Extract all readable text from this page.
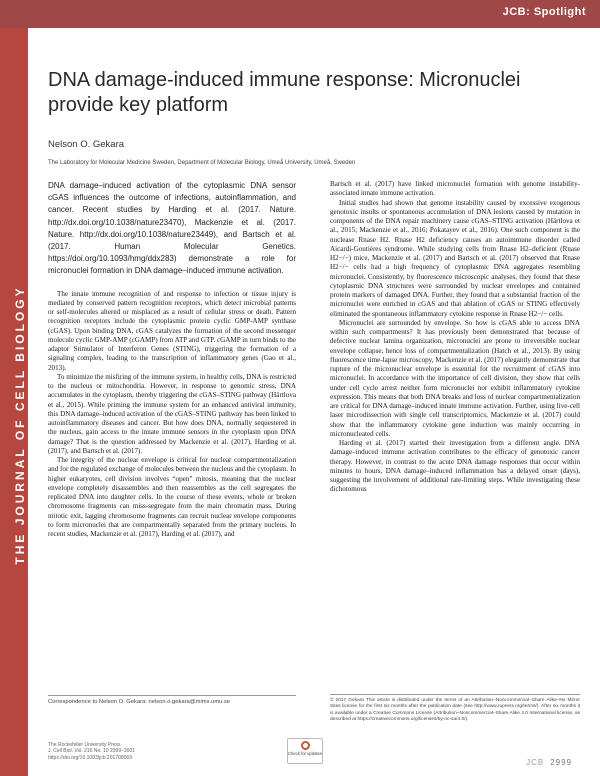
JCB: Spotlight
THE JOURNAL OF CELL BIOLOGY
DNA damage-induced immune response: Micronuclei provide key platform
Nelson O. Gekara
The Laboratory for Molecular Medicine Sweden, Department of Molecular Biology, Umeå University, Umeå, Sweden

DNA damage–induced activation of the cytoplasmic DNA sensor cGAS influences the outcome of infections, autoinflammation, and cancer. Recent studies by Harding et al. (2017. Nature. http://dx.doi.org/10.1038/nature23470), Mackenzie et al. (2017. Nature. http://dx.doi.org/10.1038/nature23449), and Bartsch et al. (2017. Human Molecular Genetics. https://doi.org/10.1093/hmg/ddx283) demonstrate a role for micronuclei formation in DNA damage–induced immune activation.

The innate immune recognition of and response to infection or tissue injury is mediated by conserved pattern recognition receptors, which detect microbial patterns or self-molecules altered or misplaced as a result of cellular stress or death. Pattern recognition receptors include the cytoplasmic protein cyclic GMP-AMP synthase (cGAS). Upon binding DNA, cGAS catalyzes the formation of the second messenger molecule cyclic GMP-AMP (cGAMP) from ATP and GTP. cGAMP in turn binds to the adaptor Stimulator of Interferon Genes (STING), triggering the formation of a signaling complex, leading to the transcription of inflammatory genes (Gao et al., 2013).

To minimize the misfiring of the immune system, in healthy cells, DNA is restricted to the nucleus or mitochondria. However, in response to genomic stress, DNA accumulates in the cytoplasm, thereby triggering the cGAS–STING pathway (Härtlova et al., 2015). While priming the immune system for an enhanced antiviral immunity, this DNA damage–induced activation of the cGAS–STING pathway has been linked to autoinflammatory diseases and cancer. But how does DNA, normally sequestered in the nucleus, gain access to the innate immune sensors in the cytoplasm upon DNA damage? That is the question addressed by Mackenzie et al. (2017), Harding et al. (2017), and Bartsch et al. (2017).

The integrity of the nuclear envelope is critical for nuclear compartmentalization and for the regulated exchange of molecules between the nucleus and the cytoplasm. In higher eukaryotes, cell division involves “open” mitosis, meaning that the nuclear envelope completely disassembles and then reassembles as the cell segregates the replicated DNA into daughter cells. In the course of these events, whole or broken chromosome fragments can miss-segregate from the main chromatin mass. During mitotic exit, lagging chromosome fragments can recruit nuclear envelope components to form micronuclei that are compartmentally separated from the primary nucleus. In recent studies, Mackenzie et al. (2017), Harding et al. (2017), and

Bartsch et al. (2017) have linked micronuclei formation with genome instability-associated innate immune activation.

Initial studies had shown that genome instability caused by excessive exogenous genotoxic insults or spontaneous accumulation of DNA lesions caused by mutation in components of the DNA repair machinery cause cGAS–STING activation (Härtlova et al., 2015; Mackenzie et al., 2016; Pokatayev et al., 2016). One such component is the nuclease Rnase H2. Rnase H2 deficiency causes an autoimmune disorder called Aicardi-Goutières syndrome. While studying cells from Rnase H2–deficient (Rnase H2−/−) mice, Mackenzie et al. (2017) and Bartsch et al. (2017) observed that Rnase H2−/− cells had a high frequency of cytoplasmic DNA aggregates resembling micronuclei. Consistently, by fluorescence microscopic analyses, they found that these cytoplasmic DNA structures were surrounded by nuclear envelopes and contained protein markers of damaged DNA. Further, they found that a substantial fraction of the micronuclei were enriched in cGAS and that ablation of cGAS or STING effectively eliminated the spontaneous inflammatory cytokine response in Rnase H2−/− cells.

Micronuclei are surrounded by envelope. So how is cGAS able to access DNA within such compartments? It has previously been demonstrated that because of defective nuclear lamina organization, micronuclei are prone to irreversible nuclear envelope collapse, hence loss of compartmentalization (Hatch et al., 2013). By using fluorescence time-lapse microscopy, Mackenzie et al. (2017) elegantly demonstrate that rupture of the micronuclear envelope is essential for the recruitment of cGAS into micronuclei. In accordance with the importance of cell division, they show that cells under cell cycle arrest neither form micronuclei nor exhibit inflammatory cytokine expression. This means that both DNA breaks and loss of nuclear compartmentalization are critical for DNA damage–induced innate immune activation. Further, using live-cell laser microdissection with single cell transcriptomics, Mackenzie et al. (2017) could show that the inflammatory cytokine gene induction was mainly occurring in micronucleated cells.

Harding et al. (2017) started their investigation from a different angle. DNA damage–induced immune activation contributes to the efficacy of genotoxic cancer therapy. However, in contrast to the acute DNA damage responses that occur within minutes to hours, DNA damage–induced inflammation has a delayed onset (days), suggesting the involvement of additional rate-limiting steps. While investigating these dichotomous

Correspondence to Nelson O. Gekara: nelson.o.gekara@mims.umu.se
The Rockefeller University Press
J. Cell Biol. Vol. 216 No. 10 2999–3001
https://doi.org/10.1083/jcb.201708069
Check for updates
© 2017 Gekara This article is distributed under the terms of an Attribution–Noncommercial–Share Alike–No Mirror Sites license for the first six months after the publication date (see http://www.rupress.org/terms/). After six months it is available under a Creative Commons License (Attribution–Noncommercial–Share Alike 4.0 International license, as described at https://creativecommons.org/licenses/by-nc-sa/4.0/).
JCB 2999
